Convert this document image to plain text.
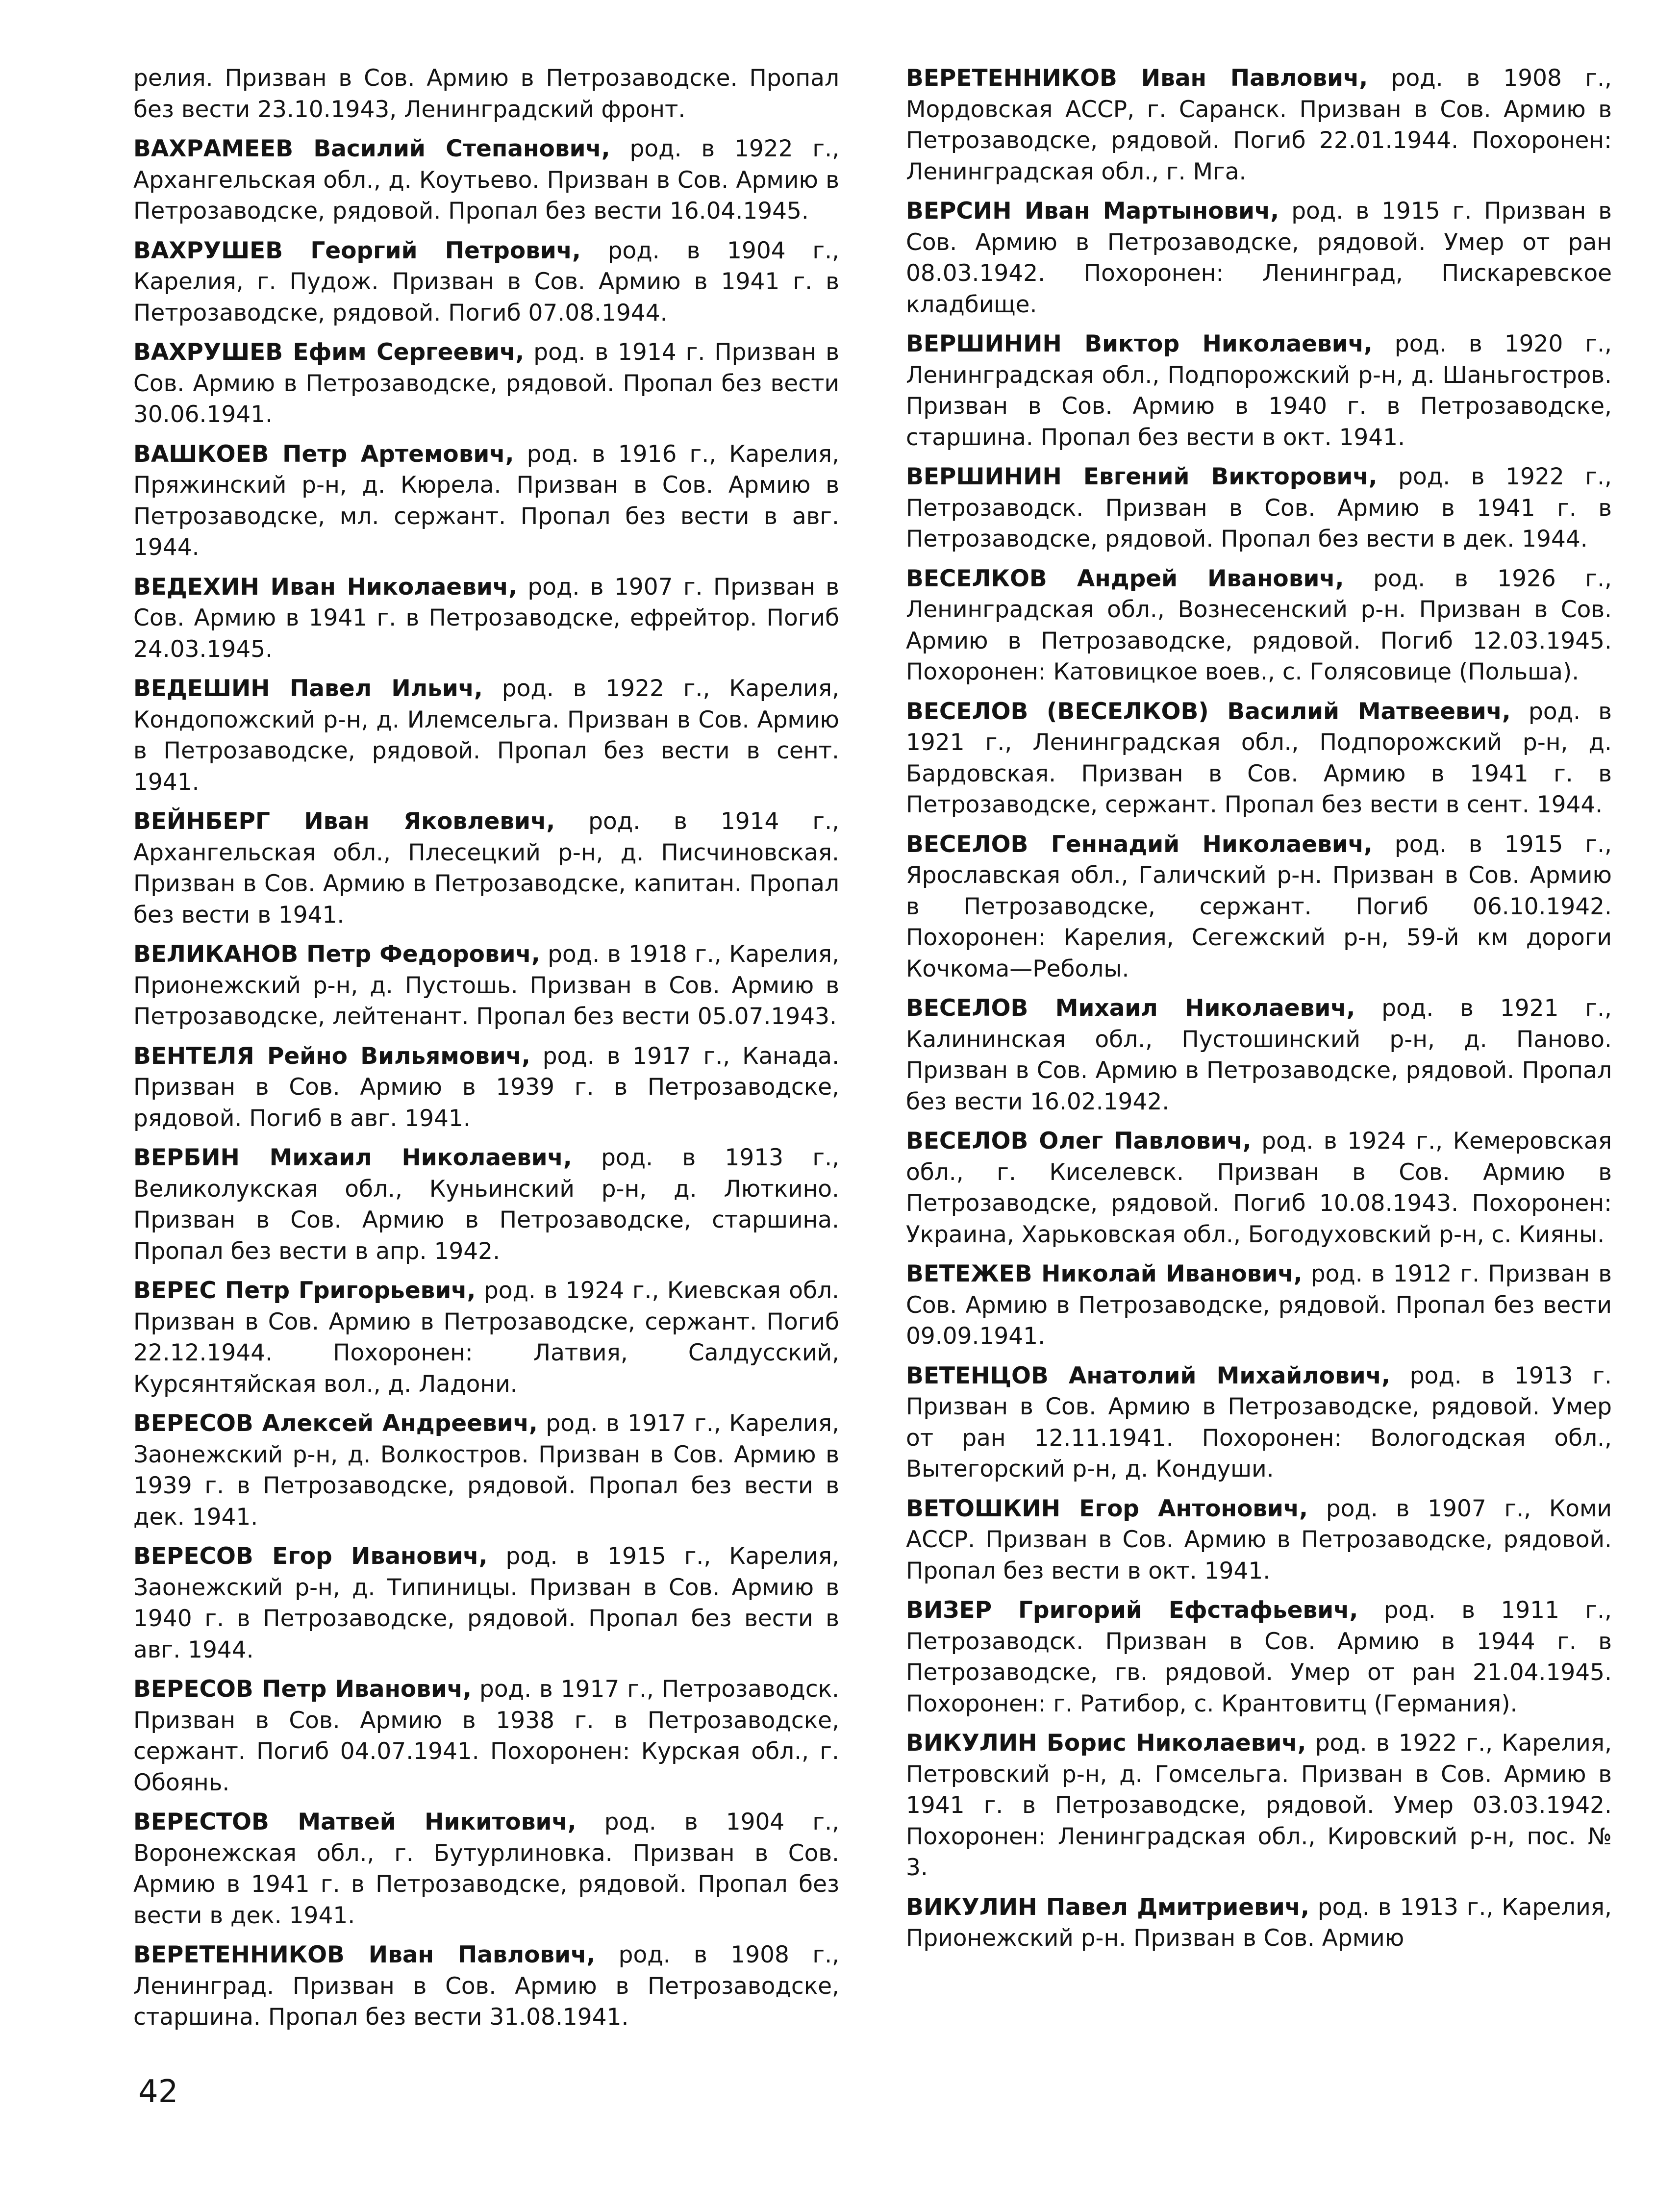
релия. Призван в Сов. Армию в Петрозаводске. Пропал без вести 23.10.1943, Ленинградский фронт.

ВАХРАМЕЕВ Василий Степанович, род. в 1922 г., Архангельская обл., д. Коутьево. Призван в Сов. Армию в Петрозаводске, рядовой. Пропал без вести 16.04.1945.

ВАХРУШЕВ Георгий Петрович, род. в 1904 г., Карелия, г. Пудож. Призван в Сов. Армию в 1941 г. в Петрозаводске, рядовой. Погиб 07.08.1944.

ВАХРУШЕВ Ефим Сергеевич, род. в 1914 г. Призван в Сов. Армию в Петрозаводске, рядовой. Пропал без вести 30.06.1941.

ВАШКОЕВ Петр Артемович, род. в 1916 г., Карелия, Пряжинский р-н, д. Кюрела. Призван в Сов. Армию в Петрозаводске, мл. сержант. Пропал без вести в авг. 1944.

ВЕДЕХИН Иван Николаевич, род. в 1907 г. Призван в Сов. Армию в 1941 г. в Петрозаводске, ефрейтор. Погиб 24.03.1945.

ВЕДЕШИН Павел Ильич, род. в 1922 г., Карелия, Кондопожский р-н, д. Илемсельга. Призван в Сов. Армию в Петрозаводске, рядовой. Пропал без вести в сент. 1941.

ВЕЙНБЕРГ Иван Яковлевич, род. в 1914 г., Архангельская обл., Плесецкий р-н, д. Писчиновская. Призван в Сов. Армию в Петрозаводске, капитан. Пропал без вести в 1941.

ВЕЛИКАНОВ Петр Федорович, род. в 1918 г., Карелия, Прионежский р-н, д. Пустошь. Призван в Сов. Армию в Петрозаводске, лейтенант. Пропал без вести 05.07.1943.

ВЕНТЕЛЯ Рейно Вильямович, род. в 1917 г., Канада. Призван в Сов. Армию в 1939 г. в Петрозаводске, рядовой. Погиб в авг. 1941.

ВЕРБИН Михаил Николаевич, род. в 1913 г., Великолукская обл., Куньинский р-н, д. Люткино. Призван в Сов. Армию в Петрозаводске, старшина. Пропал без вести в апр. 1942.

ВЕРЕС Петр Григорьевич, род. в 1924 г., Киевская обл. Призван в Сов. Армию в Петрозаводске, сержант. Погиб 22.12.1944. Похоронен: Латвия, Салдусский, Курсянтяйская вол., д. Ладони.

ВЕРЕСОВ Алексей Андреевич, род. в 1917 г., Карелия, Заонежский р-н, д. Волкостров. Призван в Сов. Армию в 1939 г. в Петрозаводске, рядовой. Пропал без вести в дек. 1941.

ВЕРЕСОВ Егор Иванович, род. в 1915 г., Карелия, Заонежский р-н, д. Типиницы. Призван в Сов. Армию в 1940 г. в Петрозаводске, рядовой. Пропал без вести в авг. 1944.

ВЕРЕСОВ Петр Иванович, род. в 1917 г., Петрозаводск. Призван в Сов. Армию в 1938 г. в Петрозаводске, сержант. Погиб 04.07.1941. Похоронен: Курская обл., г. Обоянь.

ВЕРЕСТОВ Матвей Никитович, род. в 1904 г., Воронежская обл., г. Бутурлиновка. Призван в Сов. Армию в 1941 г. в Петрозаводске, рядовой. Пропал без вести в дек. 1941.

ВЕРЕТЕННИКОВ Иван Павлович, род. в 1908 г., Ленинград. Призван в Сов. Армию в Петрозаводске, старшина. Пропал без вести 31.08.1941.

ВЕРЕТЕННИКОВ Иван Павлович, род. в 1908 г., Мордовская АССР, г. Саранск. Призван в Сов. Армию в Петрозаводске, рядовой. Погиб 22.01.1944. Похоронен: Ленинградская обл., г. Мга.

ВЕРСИН Иван Мартынович, род. в 1915 г. Призван в Сов. Армию в Петрозаводске, рядовой. Умер от ран 08.03.1942. Похоронен: Ленинград, Пискаревское кладбище.

ВЕРШИНИН Виктор Николаевич, род. в 1920 г., Ленинградская обл., Подпорожский р-н, д. Шаньгостров. Призван в Сов. Армию в 1940 г. в Петрозаводске, старшина. Пропал без вести в окт. 1941.

ВЕРШИНИН Евгений Викторович, род. в 1922 г., Петрозаводск. Призван в Сов. Армию в 1941 г. в Петрозаводске, рядовой. Пропал без вести в дек. 1944.

ВЕСЕЛКОВ Андрей Иванович, род. в 1926 г., Ленинградская обл., Вознесенский р-н. Призван в Сов. Армию в Петрозаводске, рядовой. Погиб 12.03.1945. Похоронен: Катовицкое воев., с. Голясовице (Польша).

ВЕСЕЛОВ (ВЕСЕЛКОВ) Василий Матвеевич, род. в 1921 г., Ленинградская обл., Подпорожский р-н, д. Бардовская. Призван в Сов. Армию в 1941 г. в Петрозаводске, сержант. Пропал без вести в сент. 1944.

ВЕСЕЛОВ Геннадий Николаевич, род. в 1915 г., Ярославская обл., Галичский р-н. Призван в Сов. Армию в Петрозаводске, сержант. Погиб 06.10.1942. Похоронен: Карелия, Сегежский р-н, 59-й км дороги Кочкома—Реболы.

ВЕСЕЛОВ Михаил Николаевич, род. в 1921 г., Калининская обл., Пустошинский р-н, д. Паново. Призван в Сов. Армию в Петрозаводске, рядовой. Пропал без вести 16.02.1942.

ВЕСЕЛОВ Олег Павлович, род. в 1924 г., Кемеровская обл., г. Киселевск. Призван в Сов. Армию в Петрозаводске, рядовой. Погиб 10.08.1943. Похоронен: Украина, Харьковская обл., Богодуховский р-н, с. Кияны.

ВЕТЕЖЕВ Николай Иванович, род. в 1912 г. Призван в Сов. Армию в Петрозаводске, рядовой. Пропал без вести 09.09.1941.

ВЕТЕНЦОВ Анатолий Михайлович, род. в 1913 г. Призван в Сов. Армию в Петрозаводске, рядовой. Умер от ран 12.11.1941. Похоронен: Вологодская обл., Вытегорский р-н, д. Кондуши.

ВЕТОШКИН Егор Антонович, род. в 1907 г., Коми АССР. Призван в Сов. Армию в Петрозаводске, рядовой. Пропал без вести в окт. 1941.

ВИЗЕР Григорий Ефстафьевич, род. в 1911 г., Петрозаводск. Призван в Сов. Армию в 1944 г. в Петрозаводске, гв. рядовой. Умер от ран 21.04.1945. Похоронен: г. Ратибор, с. Крантовитц (Германия).

ВИКУЛИН Борис Николаевич, род. в 1922 г., Карелия, Петровский р-н, д. Гомсельга. Призван в Сов. Армию в 1941 г. в Петрозаводске, рядовой. Умер 03.03.1942. Похоронен: Ленинградская обл., Кировский р-н, пос. № 3.

ВИКУЛИН Павел Дмитриевич, род. в 1913 г., Карелия, Прионежский р-н. Призван в Сов. Армию

42
